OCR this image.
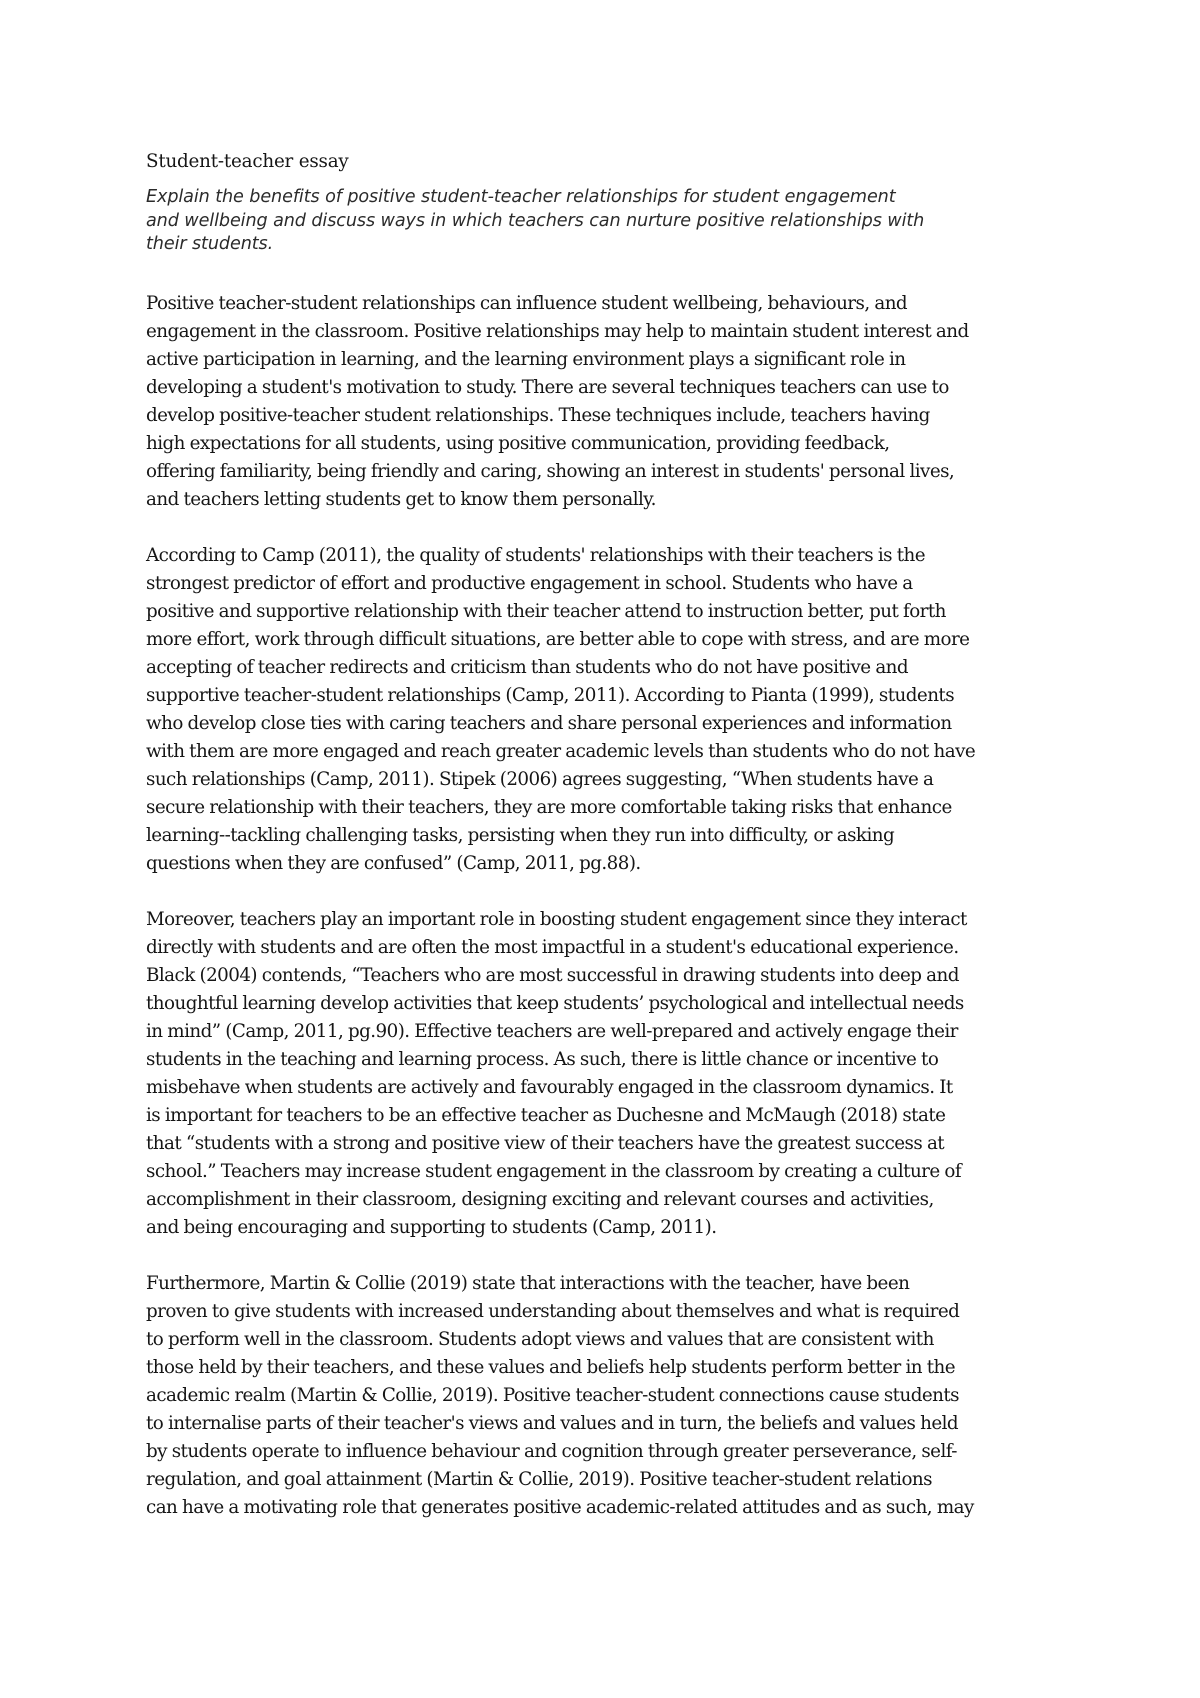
Student-teacher essay

Explain the benefits of positive student-teacher relationships for student engagement
and wellbeing and discuss ways in which teachers can nurture positive relationships with
their students.

Positive teacher-student relationships can influence student wellbeing, behaviours, and
engagement in the classroom. Positive relationships may help to maintain student interest and
active participation in learning, and the learning environment plays a significant role in
developing a student's motivation to study. There are several techniques teachers can use to
develop positive-teacher student relationships. These techniques include, teachers having
high expectations for all students, using positive communication, providing feedback,
offering familiarity, being friendly and caring, showing an interest in students' personal lives,
and teachers letting students get to know them personally.

According to Camp (2011), the quality of students' relationships with their teachers is the
strongest predictor of effort and productive engagement in school. Students who have a
positive and supportive relationship with their teacher attend to instruction better, put forth
more effort, work through difficult situations, are better able to cope with stress, and are more
accepting of teacher redirects and criticism than students who do not have positive and
supportive teacher-student relationships (Camp, 2011). According to Pianta (1999), students
who develop close ties with caring teachers and share personal experiences and information
with them are more engaged and reach greater academic levels than students who do not have
such relationships (Camp, 2011). Stipek (2006) agrees suggesting, “When students have a
secure relationship with their teachers, they are more comfortable taking risks that enhance
learning--tackling challenging tasks, persisting when they run into difficulty, or asking
questions when they are confused” (Camp, 2011, pg.88).

Moreover, teachers play an important role in boosting student engagement since they interact
directly with students and are often the most impactful in a student's educational experience.
Black (2004) contends, “Teachers who are most successful in drawing students into deep and
thoughtful learning develop activities that keep students’ psychological and intellectual needs
in mind” (Camp, 2011, pg.90). Effective teachers are well-prepared and actively engage their
students in the teaching and learning process. As such, there is little chance or incentive to
misbehave when students are actively and favourably engaged in the classroom dynamics. It
is important for teachers to be an effective teacher as Duchesne and McMaugh (2018) state
that “students with a strong and positive view of their teachers have the greatest success at
school.” Teachers may increase student engagement in the classroom by creating a culture of
accomplishment in their classroom, designing exciting and relevant courses and activities,
and being encouraging and supporting to students (Camp, 2011).

Furthermore, Martin & Collie (2019) state that interactions with the teacher, have been
proven to give students with increased understanding about themselves and what is required
to perform well in the classroom. Students adopt views and values that are consistent with
those held by their teachers, and these values and beliefs help students perform better in the
academic realm (Martin & Collie, 2019). Positive teacher-student connections cause students
to internalise parts of their teacher's views and values and in turn, the beliefs and values held
by students operate to influence behaviour and cognition through greater perseverance, self-
regulation, and goal attainment (Martin & Collie, 2019). Positive teacher-student relations
can have a motivating role that generates positive academic-related attitudes and as such, may
